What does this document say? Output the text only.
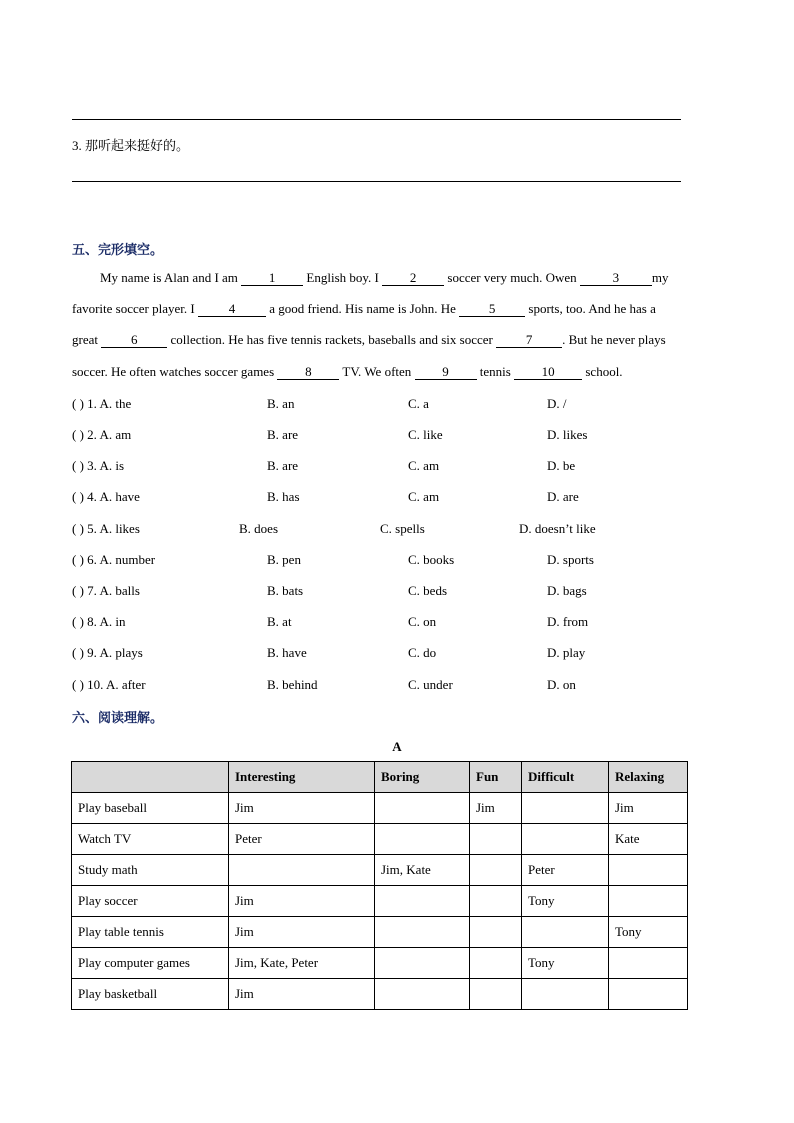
3. 那听起来挺好的。
五、完形填空。
My name is Alan and I am 1 English boy. I 2 soccer very much. Owen	3	my
favorite soccer player. I 4 a good friend. His name is John. He 5 sports, too. And he has a
great 6 collection. He has five tennis rackets, baseballs and six soccer 7 . But he never plays
soccer. He often watches soccer games 8 TV. We often 9 tennis 10 school.
( ) 1. A. the	B. an	C. a	D. /
( ) 2. A. am	B. are	C. like	D. likes
( ) 3. A. is	B. are	C. am	D. be
( ) 4. A. have	B. has	C. am	D. are
( ) 5. A. likes	B. does	C. spells	D. doesn’t like
( ) 6. A. number	B. pen	C. books	D. sports
( ) 7. A. balls	B. bats	C. beds	D. bags
( ) 8. A. in	B. at	C. on	D. from
( ) 9. A. plays	B. have	C. do	D. play
( ) 10. A. after	B. behind	C. under	D. on
六、阅读理解。
A
	Interesting	Boring	Fun	Difficult	Relaxing
Play baseball	Jim		Jim		Jim
Watch TV	Peter				Kate
Study math		Jim, Kate		Peter	
Play soccer	Jim			Tony	
Play table tennis	Jim				Tony
Play computer games	Jim, Kate, Peter			Tony	
Play basketball	Jim				
